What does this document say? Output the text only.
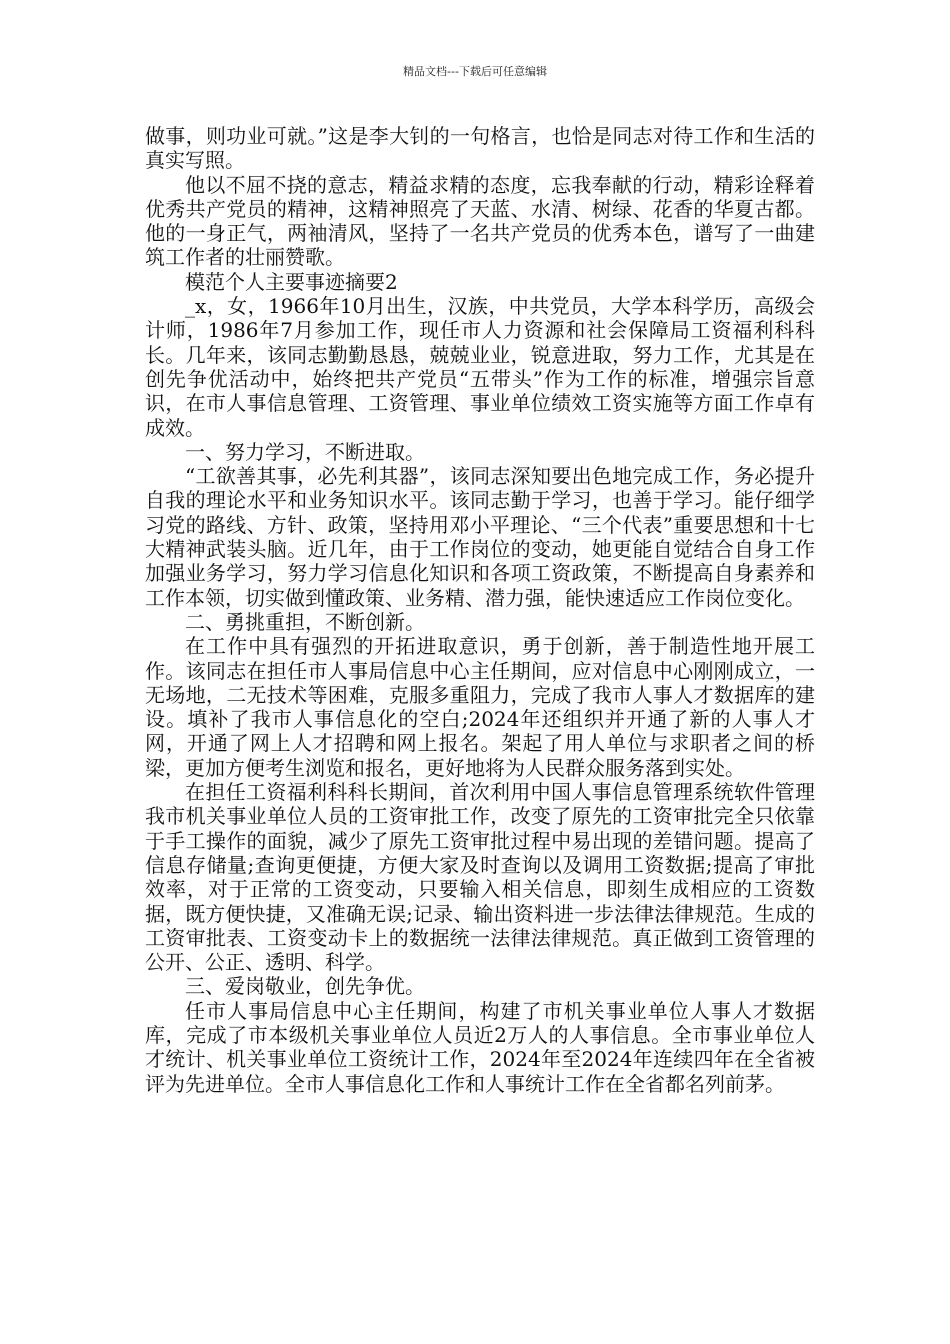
精品文档---下载后可任意编辑

做事，则功业可就。”这是李大钊的一句格言，也恰是同志对待工作和生活的真实写照。

他以不屈不挠的意志，精益求精的态度，忘我奉献的行动，精彩诠释着优秀共产党员的精神，这精神照亮了天蓝、水清、树绿、花香的华夏古都。他的一身正气，两袖清风，坚持了一名共产党员的优秀本色，谱写了一曲建筑工作者的壮丽赞歌。

模范个人主要事迹摘要2

_x，女，1966年10月出生，汉族，中共党员，大学本科学历，高级会计师，1986年7月参加工作，现任市人力资源和社会保障局工资福利科科长。几年来，该同志勤勤恳恳，兢兢业业，锐意进取，努力工作，尤其是在创先争优活动中，始终把共产党员“五带头”作为工作的标准，增强宗旨意识，在市人事信息管理、工资管理、事业单位绩效工资实施等方面工作卓有成效。

一、努力学习，不断进取。

“工欲善其事，必先利其器”，该同志深知要出色地完成工作，务必提升自我的理论水平和业务知识水平。该同志勤于学习，也善于学习。能仔细学习党的路线、方针、政策，坚持用邓小平理论、“三个代表”重要思想和十七大精神武装头脑。近几年，由于工作岗位的变动，她更能自觉结合自身工作加强业务学习，努力学习信息化知识和各项工资政策，不断提高自身素养和工作本领，切实做到懂政策、业务精、潜力强，能快速适应工作岗位变化。

二、勇挑重担，不断创新。

在工作中具有强烈的开拓进取意识，勇于创新，善于制造性地开展工作。该同志在担任市人事局信息中心主任期间，应对信息中心刚刚成立，一无场地，二无技术等困难，克服多重阻力，完成了我市人事人才数据库的建设。填补了我市人事信息化的空白;2024年还组织并开通了新的人事人才网，开通了网上人才招聘和网上报名。架起了用人单位与求职者之间的桥梁，更加方便考生浏览和报名，更好地将为人民群众服务落到实处。

在担任工资福利科科长期间，首次利用中国人事信息管理系统软件管理我市机关事业单位人员的工资审批工作，改变了原先的工资审批完全只依靠于手工操作的面貌，减少了原先工资审批过程中易出现的差错问题。提高了信息存储量;查询更便捷，方便大家及时查询以及调用工资数据;提高了审批效率，对于正常的工资变动，只要输入相关信息，即刻生成相应的工资数据，既方便快捷，又准确无误;记录、输出资料进一步法律法律规范。生成的工资审批表、工资变动卡上的数据统一法律法律规范。真正做到工资管理的公开、公正、透明、科学。

三、爱岗敬业，创先争优。

任市人事局信息中心主任期间，构建了市机关事业单位人事人才数据库，完成了市本级机关事业单位人员近2万人的人事信息。全市事业单位人才统计、机关事业单位工资统计工作，2024年至2024年连续四年在全省被评为先进单位。全市人事信息化工作和人事统计工作在全省都名列前茅。
